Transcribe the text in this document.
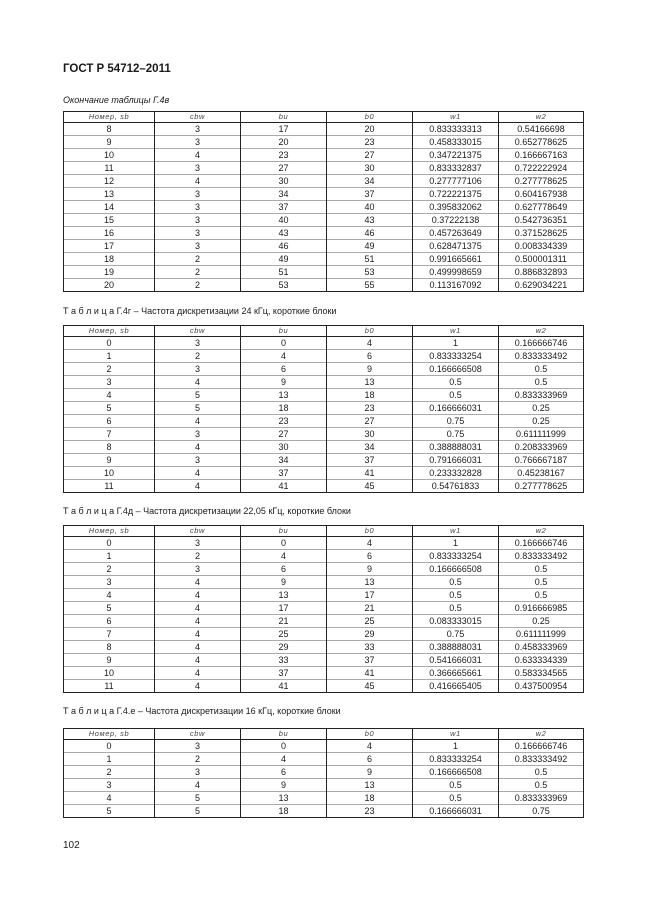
ГОСТ Р 54712–2011
Окончание таблицы Г.4в
Номер, sb	cbw	bu	b0	w1	w2
8	3	17	20	0.833333313	0.54166698
9	3	20	23	0.458333015	0.652778625
10	4	23	27	0.347221375	0.166667163
11	3	27	30	0.833332837	0.722222924
12	4	30	34	0.277777106	0.277778625
13	3	34	37	0.722221375	0.604167938
14	3	37	40	0.395832062	0.627778649
15	3	40	43	0.37222138	0.542736351
16	3	43	46	0.457263649	0.371528625
17	3	46	49	0.628471375	0.008334339
18	2	49	51	0.991665661	0.500001311
19	2	51	53	0.499998659	0.886832893
20	2	53	55	0.113167092	0.629034221
Т а б л и ц а Г.4г – Частота дискретизации 24 кГц, короткие блоки
Номер, sb	cbw	bu	b0	w1	w2
0	3	0	4	1	0.166666746
1	2	4	6	0.833333254	0.833333492
2	3	6	9	0.166666508	0.5
3	4	9	13	0.5	0.5
4	5	13	18	0.5	0.833333969
5	5	18	23	0.166666031	0.25
6	4	23	27	0.75	0.25
7	3	27	30	0.75	0.611111999
8	4	30	34	0.388888031	0.208333969
9	3	34	37	0.791666031	0.766667187
10	4	37	41	0.233332828	0.45238167
11	4	41	45	0.54761833	0.277778625
Т а б л и ц а Г.4д – Частота дискретизации 22,05 кГц, короткие блоки
Номер, sb	cbw	bu	b0	w1	w2
0	3	0	4	1	0.166666746
1	2	4	6	0.833333254	0.833333492
2	3	6	9	0.166666508	0.5
3	4	9	13	0.5	0.5
4	4	13	17	0.5	0.5
5	4	17	21	0.5	0.916666985
6	4	21	25	0.083333015	0.25
7	4	25	29	0.75	0.611111999
8	4	29	33	0.388888031	0.458333969
9	4	33	37	0.541666031	0.633334339
10	4	37	41	0.366665661	0.583334565
11	4	41	45	0.416665405	0.437500954
Т а б л и ц а Г.4.е – Частота дискретизации 16 кГц, короткие блоки
Номер, sb	cbw	bu	b0	w1	w2
0	3	0	4	1	0.166666746
1	2	4	6	0.833333254	0.833333492
2	3	6	9	0.166666508	0.5
3	4	9	13	0.5	0.5
4	5	13	18	0.5	0.833333969
5	5	18	23	0.166666031	0.75
102
